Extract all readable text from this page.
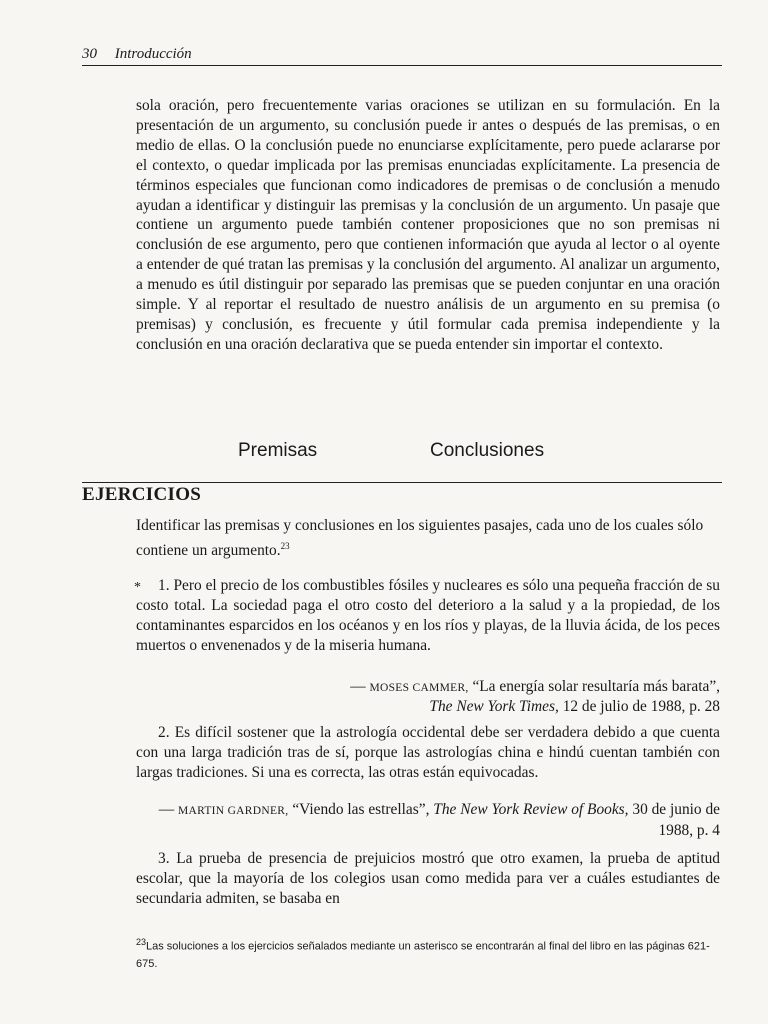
30 Introducción

sola oración, pero frecuentemente varias oraciones se utilizan en su formulación. En la presentación de un argumento, su conclusión puede ir antes o después de las premisas, o en medio de ellas. O la conclusión puede no enunciarse explícitamente, pero puede aclararse por el contexto, o quedar implicada por las premisas enunciadas explícitamente. La presencia de términos especiales que funcionan como indicadores de premisas o de conclusión a menudo ayudan a identificar y distinguir las premisas y la conclusión de un argumento. Un pasaje que contiene un argumento puede también contener proposiciones que no son premisas ni conclusión de ese argumento, pero que contienen información que ayuda al lector o al oyente a entender de qué tratan las premisas y la conclusión del argumento. Al analizar un argumento, a menudo es útil distinguir por separado las premisas que se pueden conjuntar en una oración simple. Y al reportar el resultado de nuestro análisis de un argumento en su premisa (o premisas) y conclusión, es frecuente y útil formular cada premisa independiente y la conclusión en una oración declarativa que se pueda entender sin importar el contexto.

Premisas	Conclusiones
EJERCICIOS

Identificar las premisas y conclusiones en los siguientes pasajes, cada uno de los cuales sólo contiene un argumento.$^{23}$

* 1. Pero el precio de los combustibles fósiles y nucleares es sólo una pequeña fracción de su costo total. La sociedad paga el otro costo del deterioro a la salud y a la propiedad, de los contaminantes esparcidos en los océanos y en los ríos y playas, de la lluvia ácida, de los peces muertos o envenenados y de la miseria humana.

— MOSES CAMMER, “La energía solar resultaría más barata”,
The New York Times, 12 de julio de 1988, p. 28

2. Es difícil sostener que la astrología occidental debe ser verdadera debido a que cuenta con una larga tradición tras de sí, porque las astrologías china e hindú cuentan también con largas tradiciones. Si una es correcta, las otras están equivocadas.

— MARTIN GARDNER, “Viendo las estrellas”, The New York Review of Books, 30 de junio de 1988, p. 4

3. La prueba de presencia de prejuicios mostró que otro examen, la prueba de aptitud escolar, que la mayoría de los colegios usan como medida para ver a cuáles estudiantes de secundaria admiten, se basaba en

$^{23}$Las soluciones a los ejercicios señalados mediante un asterisco se encontrarán al final del libro en las páginas 621-675.
